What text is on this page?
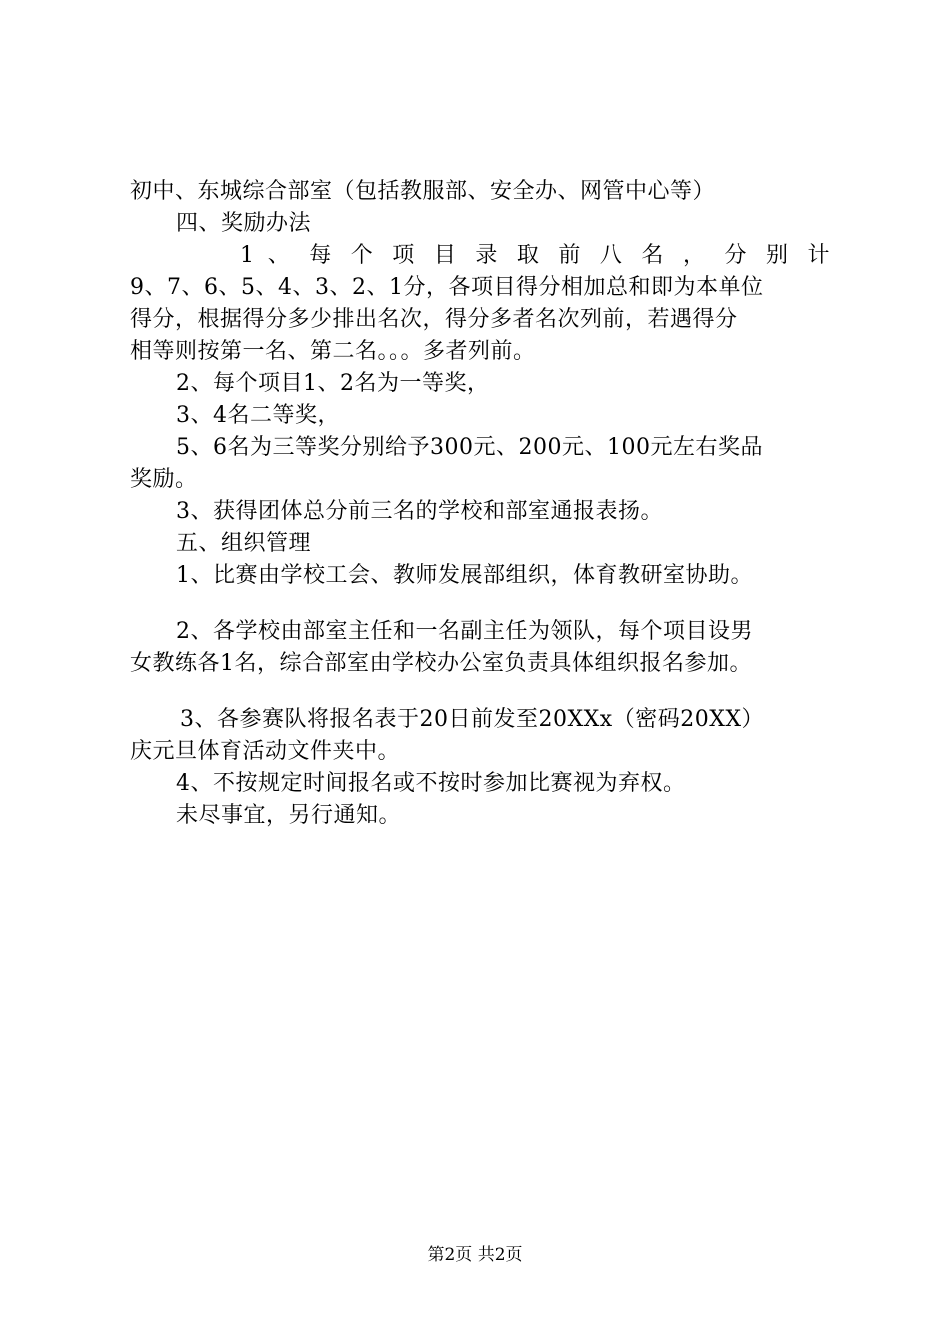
初中、东城综合部室（包括教服部、安全办、网管中心等）
四、奖励办法
1 、 每 个 项 目 录 取 前 八 名 ， 分 别 计
9、7、6、5、4、3、2、1分，各项目得分相加总和即为本单位
得分，根据得分多少排出名次，得分多者名次列前，若遇得分
相等则按第一名、第二名。。。多者列前。
2、每个项目1、2名为一等奖，
3、4名二等奖，
5、6名为三等奖分别给予300元、200元、100元左右奖品
奖励。
3、获得团体总分前三名的学校和部室通报表扬。
五、组织管理
1、比赛由学校工会、教师发展部组织，体育教研室协助。
2、各学校由部室主任和一名副主任为领队，每个项目设男
女教练各1名，综合部室由学校办公室负责具体组织报名参加。
3、各参赛队将报名表于20日前发至20XXx（密码20XX）
庆元旦体育活动文件夹中。
4、不按规定时间报名或不按时参加比赛视为弃权。
未尽事宜，另行通知。
第2页 共2页
